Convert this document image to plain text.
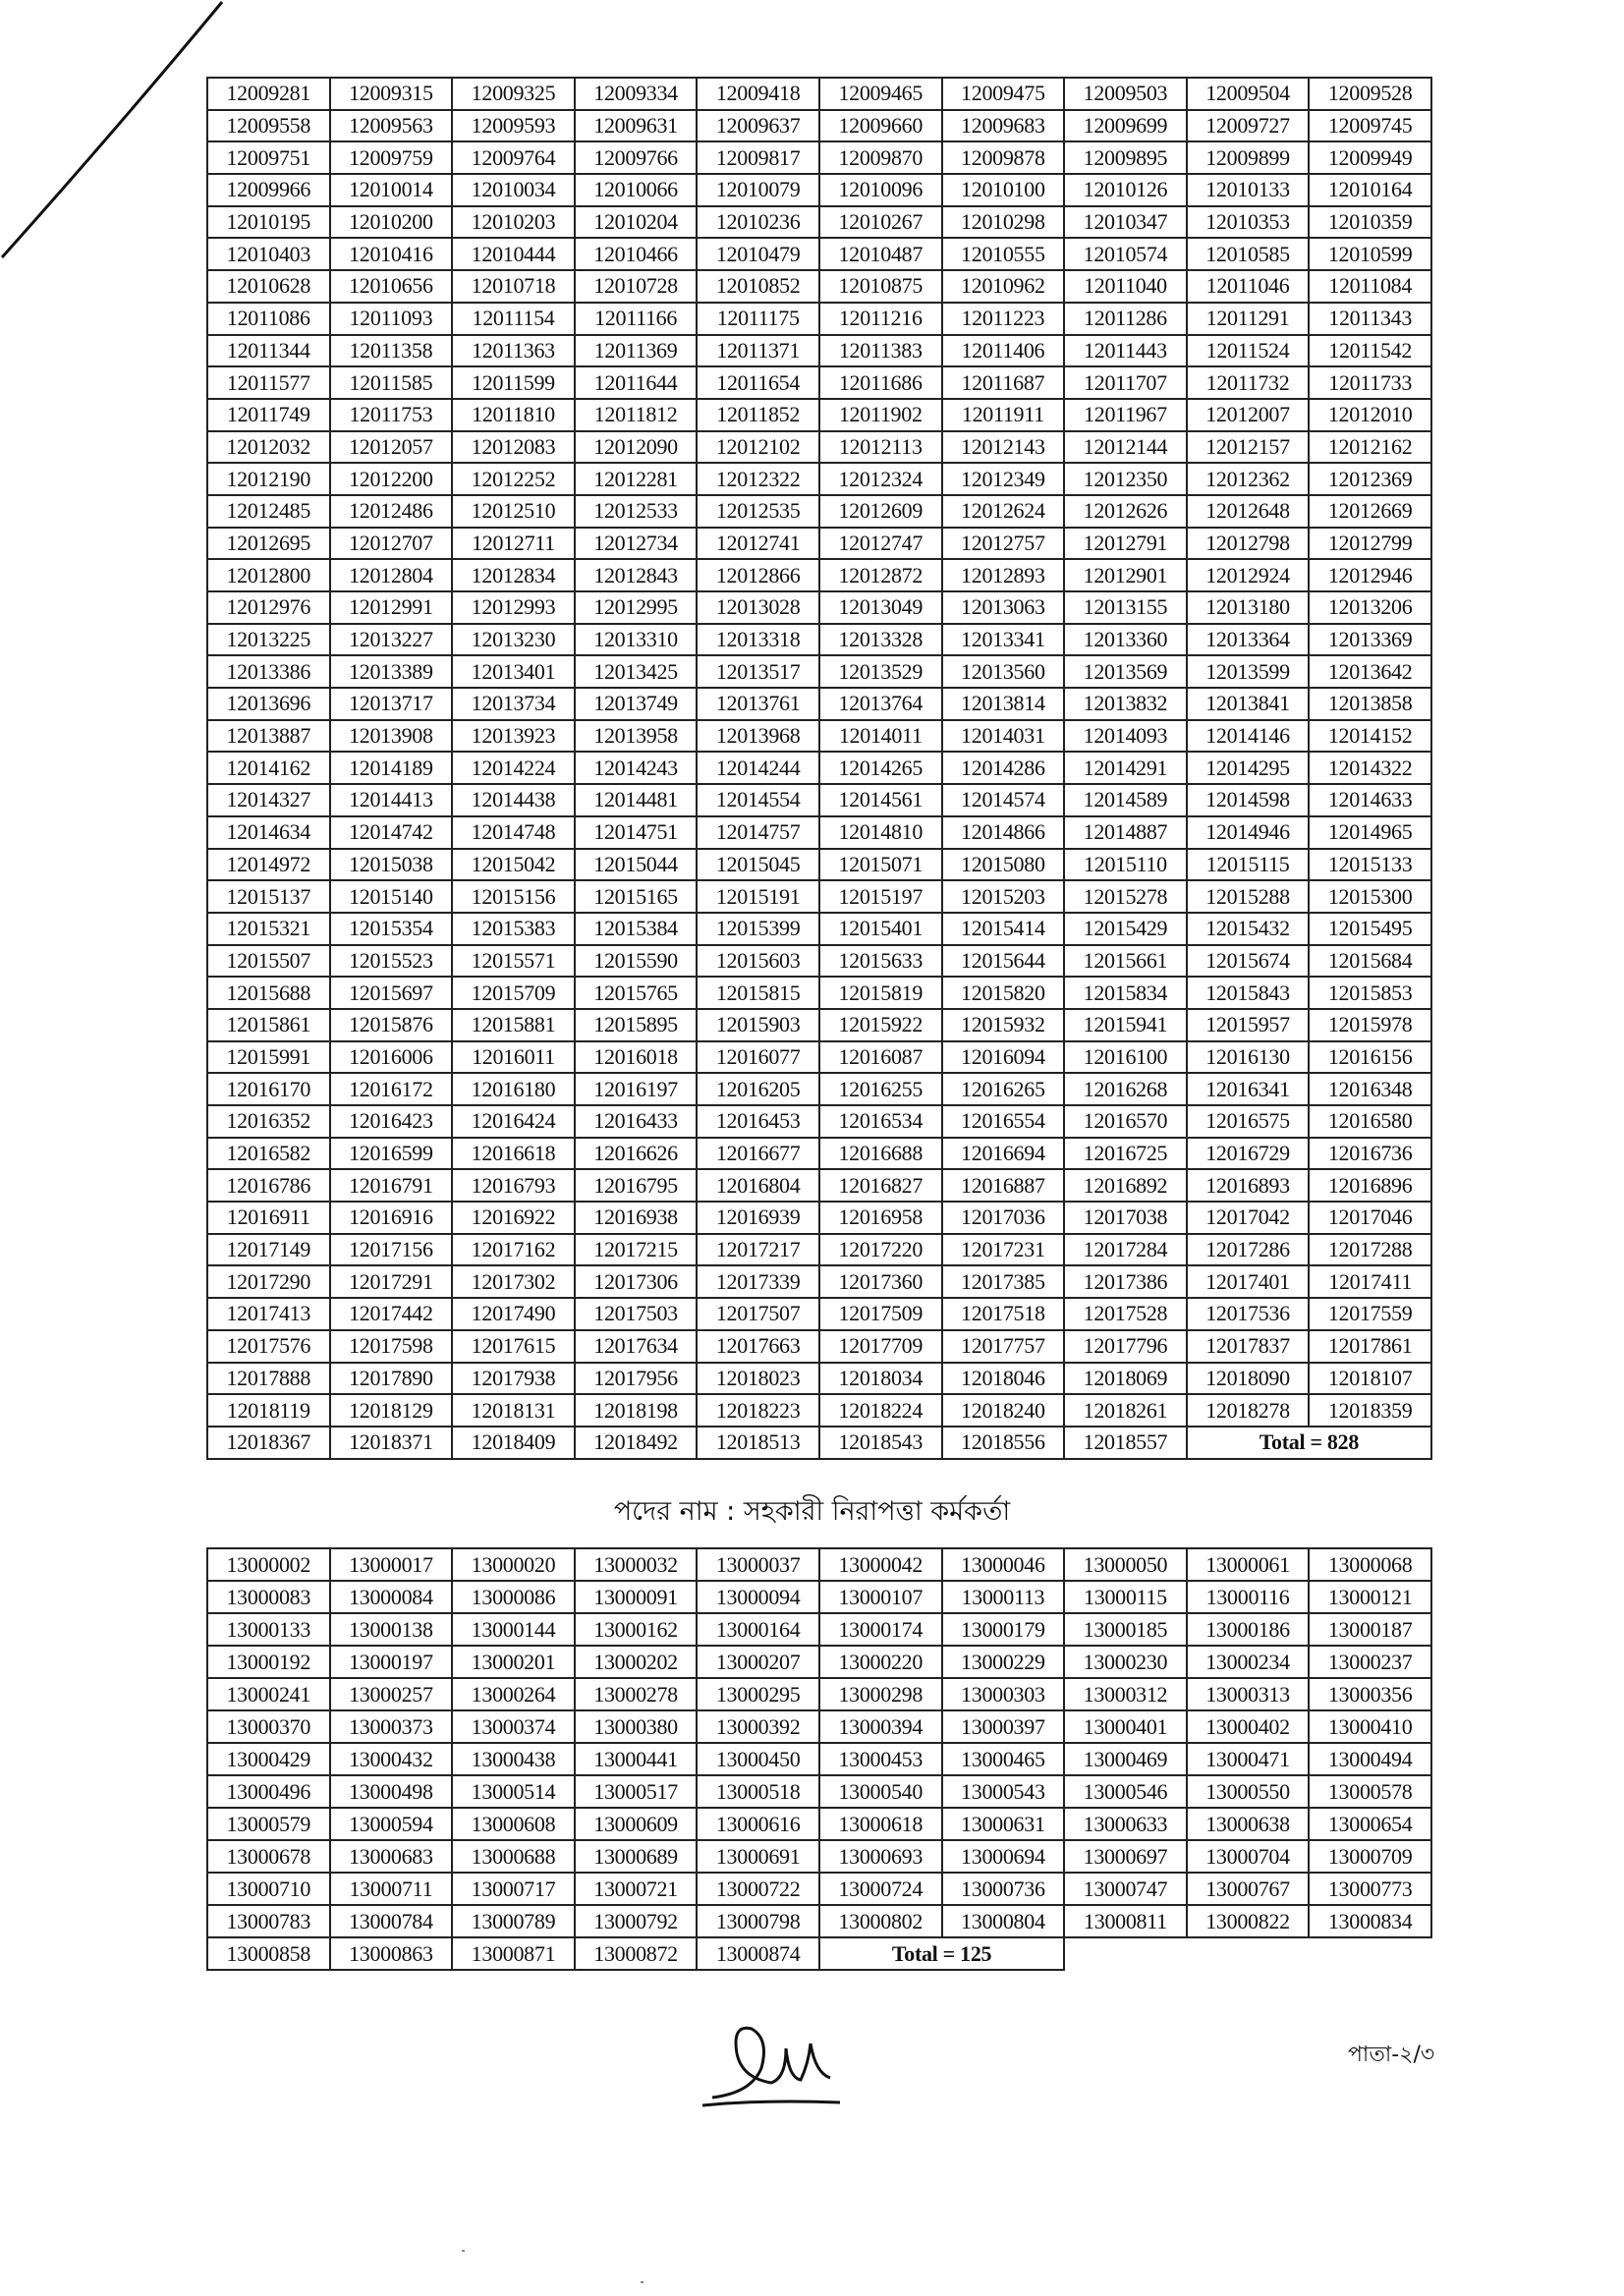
12009281	12009315	12009325	12009334	12009418	12009465	12009475	12009503	12009504	12009528
12009558	12009563	12009593	12009631	12009637	12009660	12009683	12009699	12009727	12009745
12009751	12009759	12009764	12009766	12009817	12009870	12009878	12009895	12009899	12009949
12009966	12010014	12010034	12010066	12010079	12010096	12010100	12010126	12010133	12010164
12010195	12010200	12010203	12010204	12010236	12010267	12010298	12010347	12010353	12010359
12010403	12010416	12010444	12010466	12010479	12010487	12010555	12010574	12010585	12010599
12010628	12010656	12010718	12010728	12010852	12010875	12010962	12011040	12011046	12011084
12011086	12011093	12011154	12011166	12011175	12011216	12011223	12011286	12011291	12011343
12011344	12011358	12011363	12011369	12011371	12011383	12011406	12011443	12011524	12011542
12011577	12011585	12011599	12011644	12011654	12011686	12011687	12011707	12011732	12011733
12011749	12011753	12011810	12011812	12011852	12011902	12011911	12011967	12012007	12012010
12012032	12012057	12012083	12012090	12012102	12012113	12012143	12012144	12012157	12012162
12012190	12012200	12012252	12012281	12012322	12012324	12012349	12012350	12012362	12012369
12012485	12012486	12012510	12012533	12012535	12012609	12012624	12012626	12012648	12012669
12012695	12012707	12012711	12012734	12012741	12012747	12012757	12012791	12012798	12012799
12012800	12012804	12012834	12012843	12012866	12012872	12012893	12012901	12012924	12012946
12012976	12012991	12012993	12012995	12013028	12013049	12013063	12013155	12013180	12013206
12013225	12013227	12013230	12013310	12013318	12013328	12013341	12013360	12013364	12013369
12013386	12013389	12013401	12013425	12013517	12013529	12013560	12013569	12013599	12013642
12013696	12013717	12013734	12013749	12013761	12013764	12013814	12013832	12013841	12013858
12013887	12013908	12013923	12013958	12013968	12014011	12014031	12014093	12014146	12014152
12014162	12014189	12014224	12014243	12014244	12014265	12014286	12014291	12014295	12014322
12014327	12014413	12014438	12014481	12014554	12014561	12014574	12014589	12014598	12014633
12014634	12014742	12014748	12014751	12014757	12014810	12014866	12014887	12014946	12014965
12014972	12015038	12015042	12015044	12015045	12015071	12015080	12015110	12015115	12015133
12015137	12015140	12015156	12015165	12015191	12015197	12015203	12015278	12015288	12015300
12015321	12015354	12015383	12015384	12015399	12015401	12015414	12015429	12015432	12015495
12015507	12015523	12015571	12015590	12015603	12015633	12015644	12015661	12015674	12015684
12015688	12015697	12015709	12015765	12015815	12015819	12015820	12015834	12015843	12015853
12015861	12015876	12015881	12015895	12015903	12015922	12015932	12015941	12015957	12015978
12015991	12016006	12016011	12016018	12016077	12016087	12016094	12016100	12016130	12016156
12016170	12016172	12016180	12016197	12016205	12016255	12016265	12016268	12016341	12016348
12016352	12016423	12016424	12016433	12016453	12016534	12016554	12016570	12016575	12016580
12016582	12016599	12016618	12016626	12016677	12016688	12016694	12016725	12016729	12016736
12016786	12016791	12016793	12016795	12016804	12016827	12016887	12016892	12016893	12016896
12016911	12016916	12016922	12016938	12016939	12016958	12017036	12017038	12017042	12017046
12017149	12017156	12017162	12017215	12017217	12017220	12017231	12017284	12017286	12017288
12017290	12017291	12017302	12017306	12017339	12017360	12017385	12017386	12017401	12017411
12017413	12017442	12017490	12017503	12017507	12017509	12017518	12017528	12017536	12017559
12017576	12017598	12017615	12017634	12017663	12017709	12017757	12017796	12017837	12017861
12017888	12017890	12017938	12017956	12018023	12018034	12018046	12018069	12018090	12018107
12018119	12018129	12018131	12018198	12018223	12018224	12018240	12018261	12018278	12018359
12018367	12018371	12018409	12018492	12018513	12018543	12018556	12018557	Total = 828	
পদের নাম : সহকারী নিরাপত্তা কর্মকর্তা
13000002	13000017	13000020	13000032	13000037	13000042	13000046	13000050	13000061	13000068
13000083	13000084	13000086	13000091	13000094	13000107	13000113	13000115	13000116	13000121
13000133	13000138	13000144	13000162	13000164	13000174	13000179	13000185	13000186	13000187
13000192	13000197	13000201	13000202	13000207	13000220	13000229	13000230	13000234	13000237
13000241	13000257	13000264	13000278	13000295	13000298	13000303	13000312	13000313	13000356
13000370	13000373	13000374	13000380	13000392	13000394	13000397	13000401	13000402	13000410
13000429	13000432	13000438	13000441	13000450	13000453	13000465	13000469	13000471	13000494
13000496	13000498	13000514	13000517	13000518	13000540	13000543	13000546	13000550	13000578
13000579	13000594	13000608	13000609	13000616	13000618	13000631	13000633	13000638	13000654
13000678	13000683	13000688	13000689	13000691	13000693	13000694	13000697	13000704	13000709
13000710	13000711	13000717	13000721	13000722	13000724	13000736	13000747	13000767	13000773
13000783	13000784	13000789	13000792	13000798	13000802	13000804	13000811	13000822	13000834
13000858	13000863	13000871	13000872	13000874	Total = 125				
পাতা-২/৩
